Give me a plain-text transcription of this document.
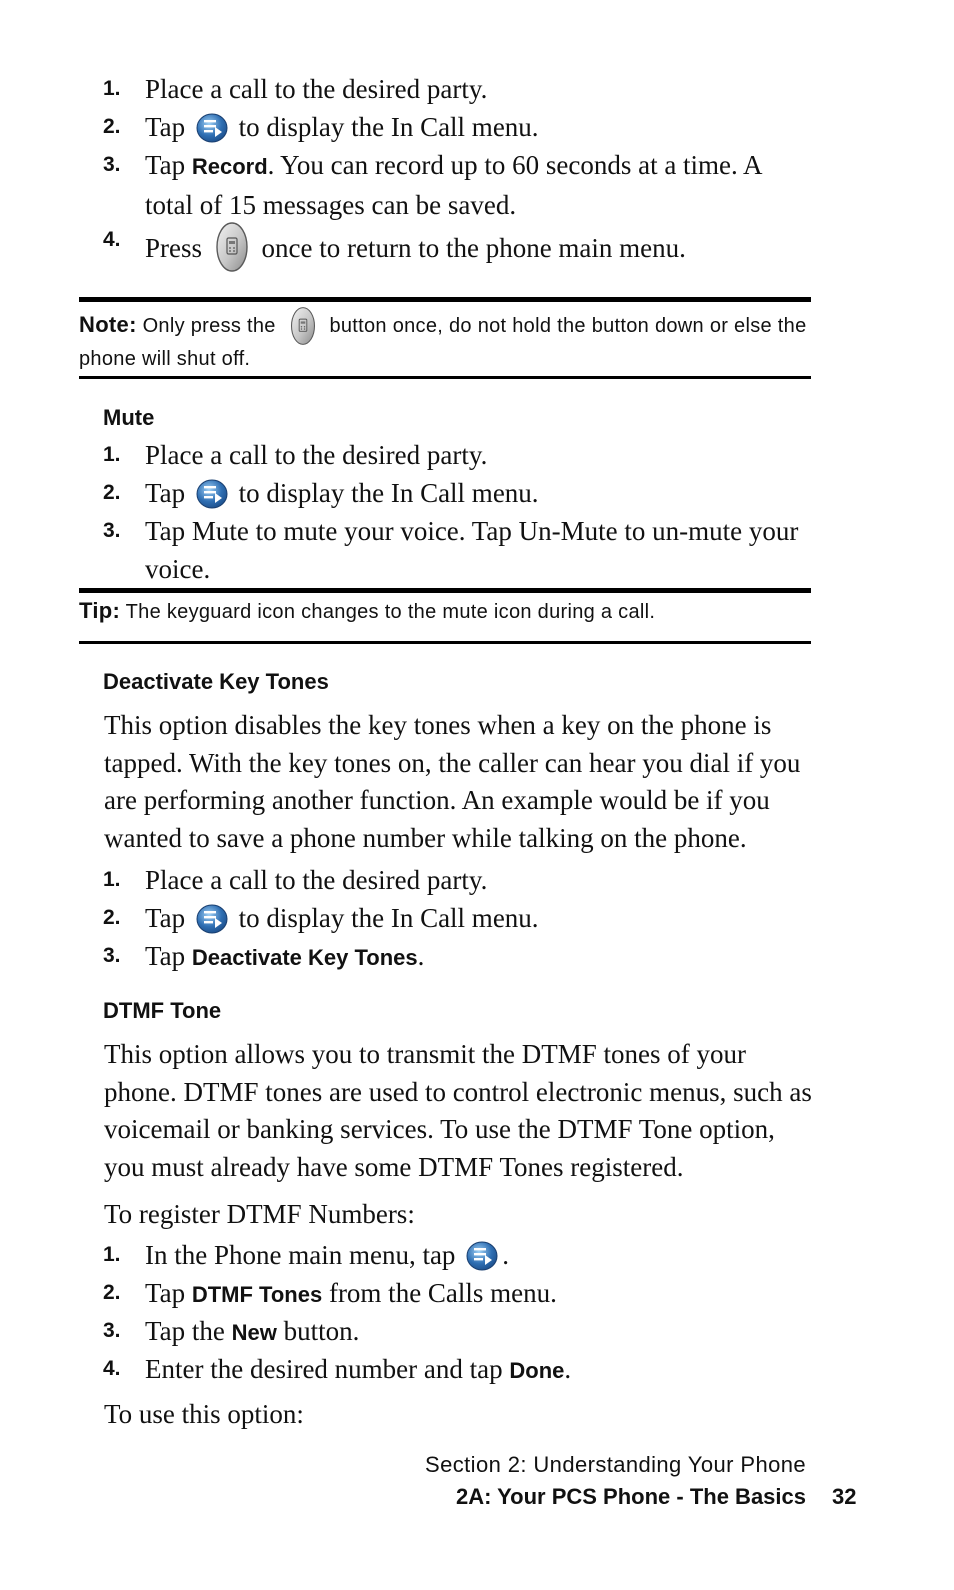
1. Place a call to the desired party.
2. Tap to display the In Call menu.
3. Tap Record. You can record up to 60 seconds at a time. A total of 15 messages can be saved.
4. Press once to return to the phone main menu.
Note: Only press the	button once, do not hold the button down or else the phone will shut off.
Mute
1. Place a call to the desired party.
2. Tap to display the In Call menu.
3. Tap Mute to mute your voice. Tap Un-Mute to un-mute your voice.
Tip: The keyguard icon changes to the mute icon during a call.
Deactivate Key Tones
This option disables the key tones when a key on the phone is tapped. With the key tones on, the caller can hear you dial if you are performing another function. An example would be if you wanted to save a phone number while talking on the phone.
1. Place a call to the desired party.
2. Tap to display the In Call menu.
3. Tap Deactivate Key Tones.
DTMF Tone
This option allows you to transmit the DTMF tones of your phone. DTMF tones are used to control electronic menus, such as voicemail or banking services. To use the DTMF Tone option, you must already have some DTMF Tones registered.
To register DTMF Numbers:
1. In the Phone main menu, tap .
2. Tap DTMF Tones from the Calls menu.
3. Tap the New button.
4. Enter the desired number and tap Done.
To use this option:
Section 2: Understanding Your Phone
2A: Your PCS Phone - The Basics 32
